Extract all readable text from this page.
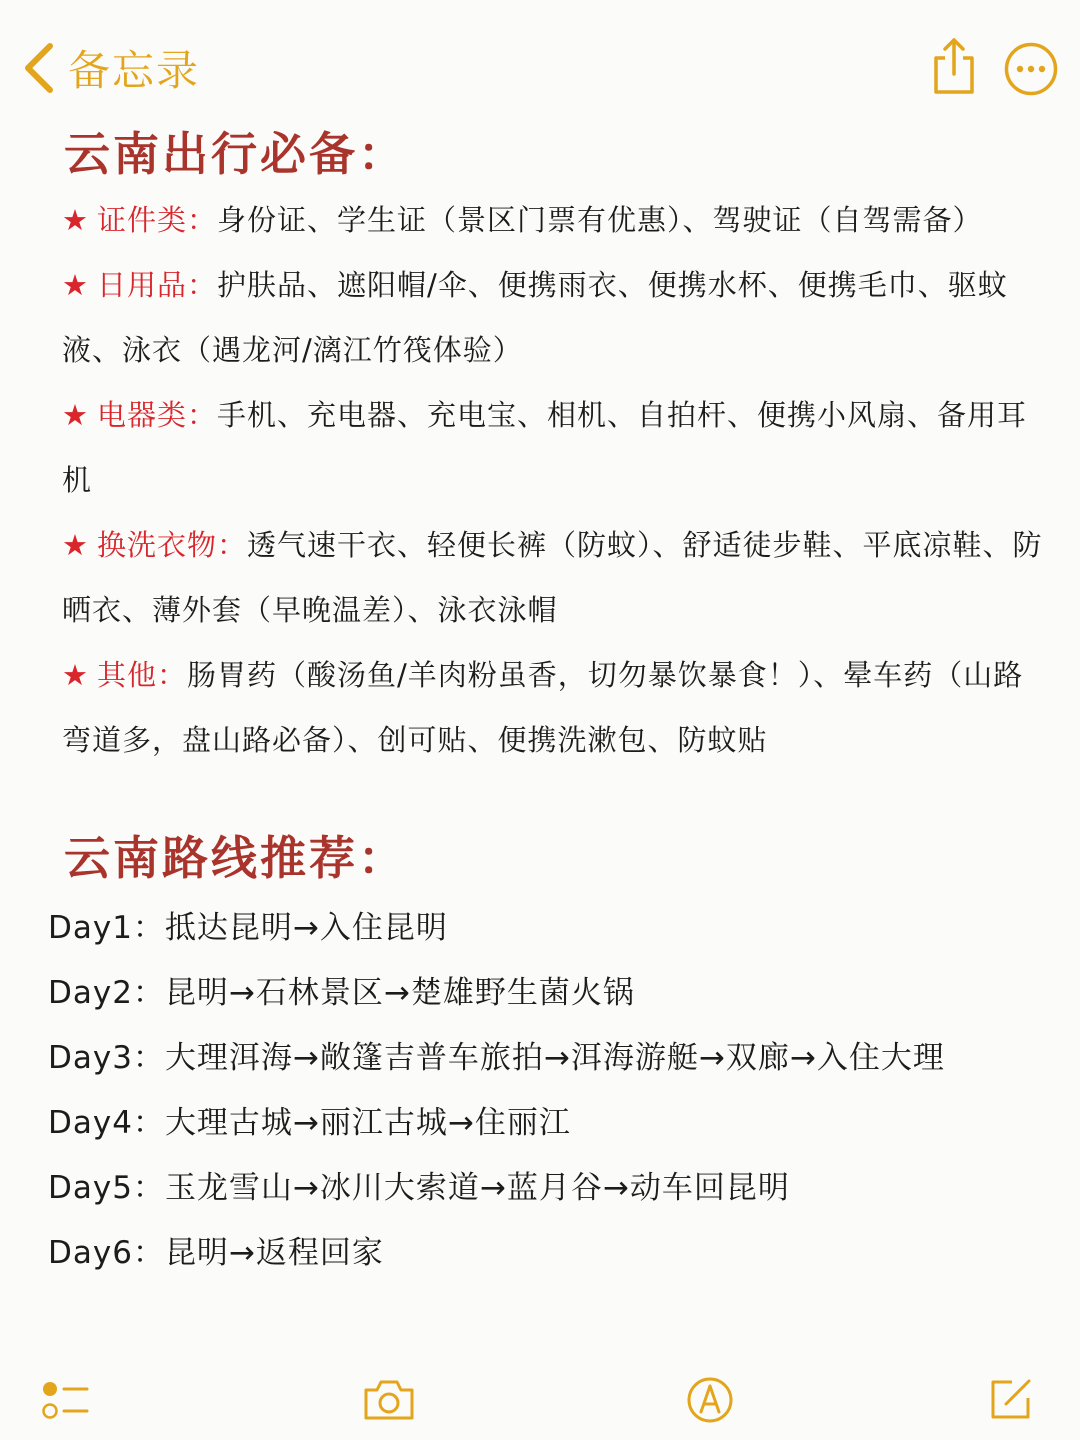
备忘录
云南出行必备：
★ 证件类：身份证、学生证（景区门票有优惠）、驾驶证（自驾需备）
★ 日用品：护肤品、遮阳帽/伞、便携雨衣、便携水杯、便携毛巾、驱蚊液、泳衣（遇龙河/漓江竹筏体验）
★ 电器类：手机、充电器、充电宝、相机、自拍杆、便携小风扇、备用耳机
★ 换洗衣物：透气速干衣、轻便长裤（防蚊）、舒适徒步鞋、平底凉鞋、防晒衣、薄外套（早晚温差）、泳衣泳帽
★ 其他：肠胃药（酸汤鱼/羊肉粉虽香，切勿暴饮暴食！）、晕车药（山路弯道多，盘山路必备）、创可贴、便携洗漱包、防蚊贴
云南路线推荐：
Day1：抵达昆明→入住昆明
Day2：昆明→石林景区→楚雄野生菌火锅
Day3：大理洱海→敞篷吉普车旅拍→洱海游艇→双廊→入住大理
Day4：大理古城→丽江古城→住丽江
Day5：玉龙雪山→冰川大索道→蓝月谷→动车回昆明
Day6：昆明→返程回家
